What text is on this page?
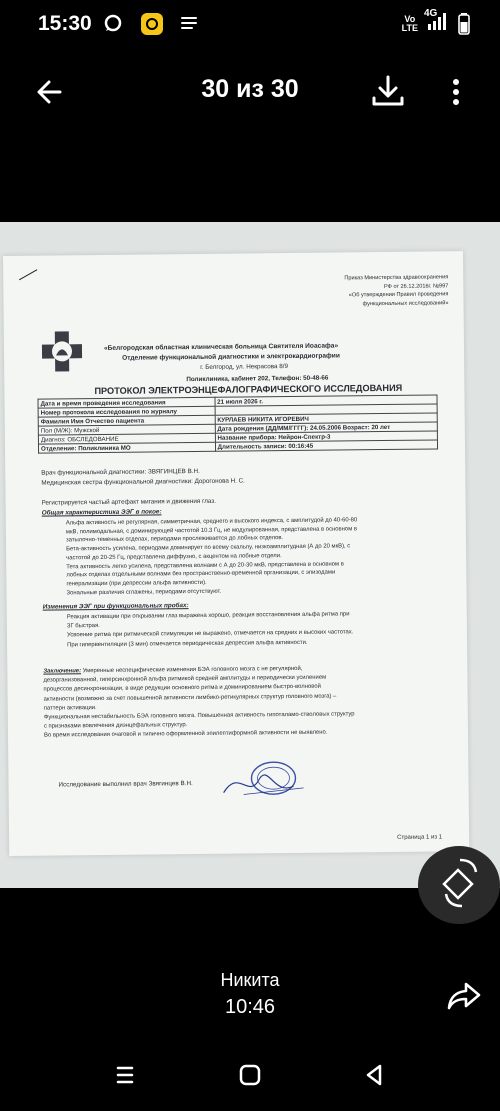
15:30	Vo
LTE
4G
30 из 30
Приказ Министерства здравоохранения
РФ от 26.12.2016г. №997
«Об утверждении Правил проведения
функциональных исследований»
«Белгородская областная клиническая больница Святителя Иоасафа»
Отделение функциональной диагностики и электрокардиографии
г. Белгород, ул. Некрасова 8/9
Поликлиника, кабинет 202, Телефон: 50-48-66
ПРОТОКОЛ ЭЛЕКТРОЭНЦЕФАЛОГРАФИЧЕСКОГО ИССЛЕДОВАНИЯ
Дата и время проведения исследования	21 июля 2026 г.
Номер протокола исследования по журналу	
Фамилия Имя Отчество пациента	КУРЛАЕВ НИКИТА ИГОРЕВИЧ
Пол (М/Ж): Мужской	Дата рождения (ДД/ММ/ГГГГ): 24.05.2006 Возраст: 20 лет
Диагноз: ОБСЛЕДОВАНИЕ	Название прибора: Нейрон-Спектр-3
Отделение: Поликлиника МО	Длительность записи: 00:16:45
Врач функциональной диагностики: ЗВЯГИНЦЕВ В.Н.
Медицинская сестра функциональной диагностики: Дорогонова Н. С.
Регистрируется частый артефакт мигания и движения глаз.
Общая характеристика ЭЭГ в покое:
Альфа активность не регулярная, симметричная, среднего и высокого индекса, с амплитудой до 40-60-80
мкВ, полимодальная, с доминирующей частотой 10.3 Гц, не модулированная, представлена в основном в
затылочно-теменных отделах, периодами прослеживается до лобных отделов.
Бета-активность усилена, периодами доминирует по всему скальпу, низкоамплитудная (А до 20 мкВ), с
частотой до 20-25 Гц, представлена диффузно, с акцентом на лобные отдели.
Тета активность легко усилена, представлена волнами с А до 20-30 мкВ, представлена в основном в
лобных отделах отдельными волнами без пространственно-временной организации, с эпизодами
генерализации (при депрессии альфа активности).
Зональные различия сглажены, периодами отсутствуют.
Изменения ЭЭГ при функциональных пробах:
Реакция активации при открывании глаз выражена хорошо, реакция восстановления альфа ритма при
ЗГ быстрая.
Усвоение ритма при ритмической стимуляции не выражено, отмечается на средних и высоких частотах.
При гипервентиляции (3 мин) отмечается периодическая депрессия альфа активности.
Заключение: Умеренные неспецифические изменения БЭА головного мозга с не регулярной,
дезорганизованной, гиперсинхронной альфа ритмикой средней амплитуды и периодически усилением
процессов десинхронизации, в виде редукции основного ритма и доминированием быстро-волновой
активности (возможно за счет повышенной активности лимбико-ретикулярных структур головного мозга) –
паттерн активации.
Функциональная нестабильность БЭА головного мозга. Повышенная активность гипоталамо-стволовых структур
с признаками вовлечения диэнцефальных структур.
Во время исследования очаговой и типично оформленной эпилептиформной активности не выявлено.
Исследование выполнил врач Звягинцев В.Н.
Страница 1 из 1
Никита
10:46
